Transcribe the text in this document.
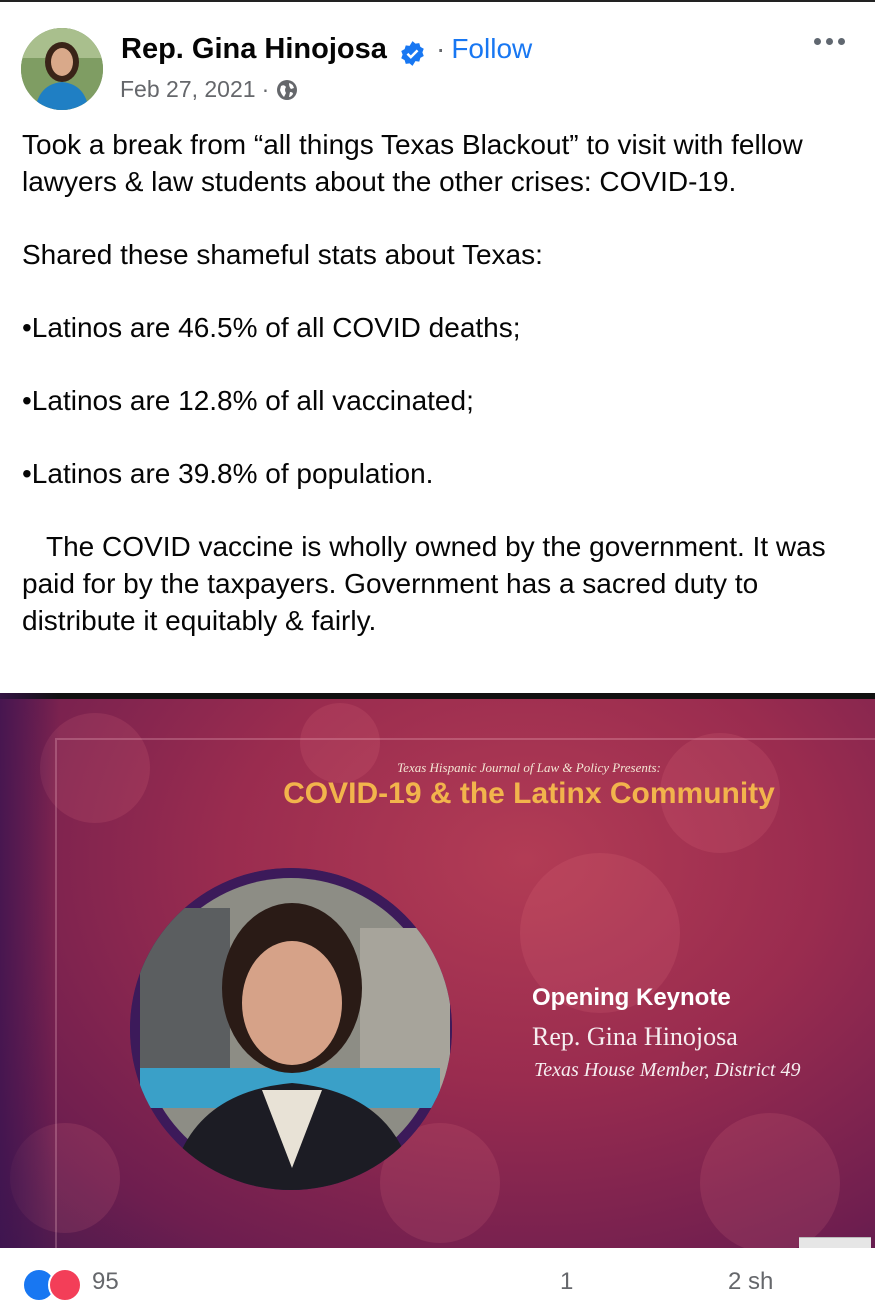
Rep. Gina Hinojosa · Follow
Feb 27, 2021 ·

Took a break from “all things Texas Blackout” to visit with fellow lawyers & law students about the other crises: COVID-19.

Shared these shameful stats about Texas:

•Latinos are 46.5% of all COVID deaths;

•Latinos are 12.8% of all vaccinated;

•Latinos are 39.8% of population.

The COVID vaccine is wholly owned by the government. It was paid for by the taxpayers. Government has a sacred duty to distribute it equitably & fairly.

Texas Hispanic Journal of Law & Policy Presents:
COVID-19 & the Latinx Community
Opening Keynote
Rep. Gina Hinojosa
Texas House Member, District 49
95	1	2 sh
